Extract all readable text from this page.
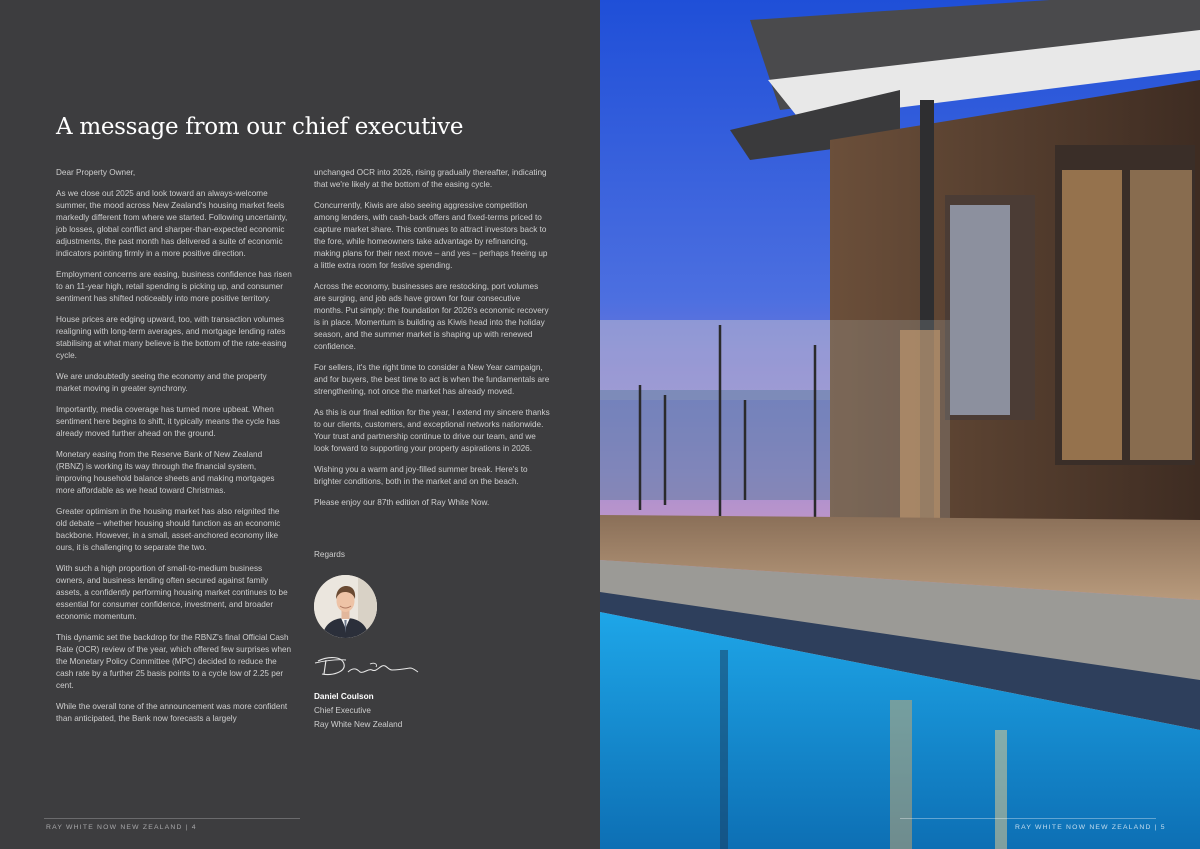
A message from our chief executive

Dear Property Owner,

As we close out 2025 and look toward an always-welcome summer, the mood across New Zealand's housing market feels markedly different from where we started. Following uncertainty, job losses, global conflict and sharper-than-expected economic adjustments, the past month has delivered a suite of economic indicators pointing firmly in a more positive direction.

Employment concerns are easing, business confidence has risen to an 11-year high, retail spending is picking up, and consumer sentiment has shifted noticeably into more positive territory.

House prices are edging upward, too, with transaction volumes realigning with long-term averages, and mortgage lending rates stabilising at what many believe is the bottom of the rate-easing cycle.

We are undoubtedly seeing the economy and the property market moving in greater synchrony.

Importantly, media coverage has turned more upbeat. When sentiment here begins to shift, it typically means the cycle has already moved further ahead on the ground.

Monetary easing from the Reserve Bank of New Zealand (RBNZ) is working its way through the financial system, improving household balance sheets and making mortgages more affordable as we head toward Christmas.

Greater optimism in the housing market has also reignited the old debate – whether housing should function as an economic backbone. However, in a small, asset-anchored economy like ours, it is challenging to separate the two.

With such a high proportion of small-to-medium business owners, and business lending often secured against family assets, a confidently performing housing market continues to be essential for consumer confidence, investment, and broader economic momentum.

This dynamic set the backdrop for the RBNZ's final Official Cash Rate (OCR) review of the year, which offered few surprises when the Monetary Policy Committee (MPC) decided to reduce the cash rate by a further 25 basis points to a cycle low of 2.25 per cent.

While the overall tone of the announcement was more confident than anticipated, the Bank now forecasts a largely

unchanged OCR into 2026, rising gradually thereafter, indicating that we're likely at the bottom of the easing cycle.

Concurrently, Kiwis are also seeing aggressive competition among lenders, with cash-back offers and fixed-terms priced to capture market share. This continues to attract investors back to the fore, while homeowners take advantage by refinancing, making plans for their next move – and yes – perhaps freeing up a little extra room for festive spending.

Across the economy, businesses are restocking, port volumes are surging, and job ads have grown for four consecutive months. Put simply: the foundation for 2026's economic recovery is in place. Momentum is building as Kiwis head into the holiday season, and the summer market is shaping up with renewed confidence.

For sellers, it's the right time to consider a New Year campaign, and for buyers, the best time to act is when the fundamentals are strengthening, not once the market has already moved.

As this is our final edition for the year, I extend my sincere thanks to our clients, customers, and exceptional networks nationwide. Your trust and partnership continue to drive our team, and we look forward to supporting your property aspirations in 2026.

Wishing you a warm and joy-filled summer break. Here's to brighter conditions, both in the market and on the beach.

Please enjoy our 87th edition of Ray White Now.

Regards
Daniel Coulson
Chief Executive
Ray White New Zealand
RAY WHITE NOW NEW ZEALAND | 4	RAY WHITE NOW NEW ZEALAND | 5
